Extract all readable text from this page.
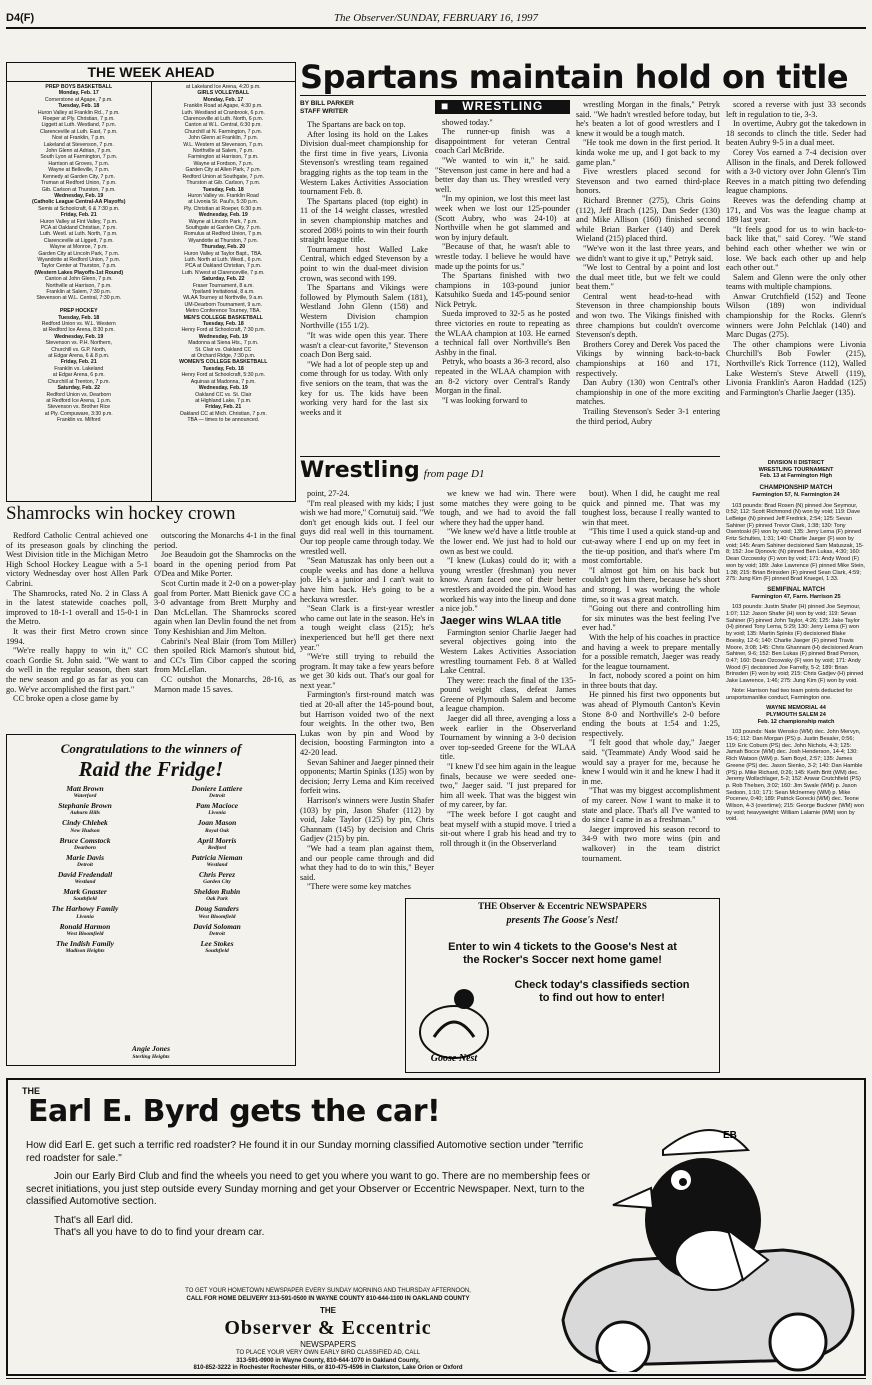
D4(F)	The Observer/SUNDAY, FEBRUARY 16, 1997
THE WEEK AHEAD
PREP BOYS BASKETBALL
Monday, Feb. 17
Cornerstone at Agape, 7 p.m.
Tuesday, Feb. 18
Huron Valley at Franklin Rd., 7 p.m.
Roeper at Ply. Christian, 7 p.m.
Liggett at Luth. Westland, 7 p.m.
Clarenceville at Luth. East, 7 p.m.
Novi at Franklin, 7 p.m.
Lakeland at Stevenson, 7 p.m.
John Glenn at Adrian, 7 p.m.
South Lyon at Farmington, 7 p.m.
Harrison at Groves, 7 p.m.
Wayne at Belleville, 7 p.m.
Kennedy at Garden City, 7 p.m.
Truman at Redford Union, 7 p.m.
Gib. Carlson at Thurston, 7 p.m.
Wednesday, Feb. 19
(Catholic League Central-AA Playoffs)
Semis at Schoolcraft, 6 & 7:30 p.m.
Friday, Feb. 21
Huron Valley at Fint Valley, 7 p.m.
PCA at Oakland Christian, 7 p.m.
Luth. Westl. at Luth. North, 7 p.m.
Clarenceville at Liggett, 7 p.m.
Wayne at Monroe, 7 p.m.
Garden City at Lincoln Park, 7 p.m.
Wyandotte at Redford Union, 7 p.m.
Taylor Center at Thurston, 7 p.m.
(Western Lakes Playoffs-1st Round)
Canton at John Glenn, 7 p.m.
Northville at Harrison, 7 p.m.
Franklin at Salem, 7:30 p.m.
Stevenson at W.L. Central, 7:30 p.m.

PREP HOCKEY
Tuesday, Feb. 18
Redford Union vs. W.L. Western
at Redford Ice Arena, 8:30 p.m.
Wednesday, Feb. 19
Stevenson vs. P.H. Northern,
Churchill vs. G.P. North,
at Edgar Arena, 6 & 8 p.m.
Friday, Feb. 21
Franklin vs. Lakeland
at Edgar Arena, 6 p.m.
Churchill at Trenton, 7 p.m.
Saturday, Feb. 22
Redford Union vs. Dearborn
at Redford Ice Arena, 1 p.m.
Stevenson vs. Brother Rice
at Ply. Compuware, 3:30 p.m.
Franklin vs. Milford
at Lakeland Ice Arena, 4:20 p.m.
GIRLS VOLLEYBALL
Monday, Feb. 17
Franklin Road at Agape, 4:30 p.m.
Luth. Westland at Cranbrook, 6 p.m.
Clarenceville at Luth. North, 6 p.m.
Canton at W.L. Central, 6:30 p.m.
Churchill at N. Farmington, 7 p.m.
John Glenn at Franklin, 7 p.m.
W.L. Western at Stevenson, 7 p.m.
Northville at Salem, 7 p.m.
Farmington at Harrison, 7 p.m.
Wayne at Fordson, 7 p.m.
Garden City at Allen Park, 7 p.m.
Redford Union at Southgate, 7 p.m.
Thurston at Gib. Carlson, 7 p.m.
Tuesday, Feb. 18
Huron Valley vs. Franklin Road
at Livonia St. Paul's, 5:30 p.m.
Ply. Christian at Roeper, 6:30 p.m.
Wednesday, Feb. 19
Wayne at Lincoln Park, 7 p.m.
Southgate at Garden City, 7 p.m.
Romulus at Redford Union, 7 p.m.
Wyandotte at Thurston, 7 p.m.
Thursday, Feb. 20
Huron Valley at Taylor Bapt., TBA.
Luth. North at Luth. Westl., 6 p.m.
PCA at Oakland Christian, 7 p.m.
Luth. N'west at Clarenceville, 7 p.m.
Saturday, Feb. 22
Fraser Tournament, 8 a.m.
Ypsilanti Invitational, 8 a.m.
WLAA Tourney at Northville, 9 a.m.
UM-Dearborn Tournament, 9 a.m.
Metro Conference Tourney, TBA.
MEN'S COLLEGE BASKETBALL
Tuesday, Feb. 18
Henry Ford at Schoolcraft, 7:30 p.m.
Wednesday, Feb. 19
Madonna at Siena Hts., 7 p.m.
St. Clair vs. Oakland CC
at Orchard Ridge, 7:30 p.m.
WOMEN'S COLLEGE BASKETBALL
Tuesday, Feb. 18
Henry Ford at Schoolcraft, 5:30 p.m.
Aquinas at Madonna, 7 p.m.
Wednesday, Feb. 19
Oakland CC vs. St. Clair
at Highland Lake, 7 p.m.
Friday, Feb. 21
Oakland CC at Mich. Christian, 7 p.m.
TBA — times to be announced.
Spartans maintain hold on title

BY BILL PARKER

STAFF WRITER

The Spartans are back on top.

After losing its hold on the Lakes Division dual-meet championship for the first time in five years, Livonia Stevenson's wrestling team regained bragging rights as the top team in the Western Lakes Activities Association tournament Feb. 8.

The Spartans placed (top eight) in 11 of the 14 weight classes, wrestled in seven championship matches and scored 208½ points to win their fourth straight league title.

Tournament host Walled Lake Central, which edged Stevenson by a point to win the dual-meet division crown, was second with 199.

The Spartans and Vikings were followed by Plymouth Salem (181), Westland John Glenn (158) and Western Division champion Northville (155 1/2).

"It was wide open this year. There wasn't a clear-cut favorite," Stevenson coach Don Berg said.

"We had a lot of people step up and come through for us today. With only five seniors on the team, that was the key for us. The kids have been working very hard for the last six weeks and it

■   WRESTLING

showed today."

The runner-up finish was a disappointment for veteran Central coach Carl McBride.

"We wanted to win it," he said. "Stevenson just came in here and had a better day than us. They wrestled very well.

"In my opinion, we lost this meet last week when we lost our 125-pounder (Scott Aubry, who was 24-10) at Northville when he got slammed and won by injury default.

"Because of that, he wasn't able to wrestle today. I believe he would have made up the points for us."

The Spartans finished with two champions in 103-pound junior Katsuhiko Sueda and 145-pound senior Nick Petryk.

Sueda improved to 32-5 as he posted three victories en route to repeating as the WLAA champion at 103. He earned a technical fall over Northville's Ben Ashby in the final.

Petryk, who boasts a 36-3 record, also repeated in the WLAA champion with an 8-2 victory over Central's Randy Morgan in the final.

"I was looking forward to

wrestling Morgan in the finals," Petryk said. "We hadn't wrestled before today, but he's beaten a lot of good wrestlers and I knew it would be a tough match.

"He took me down in the first period. It kinda woke me up, and I got back to my game plan."

Five wrestlers placed second for Stevenson and two earned third-place honors.

Richard Brenner (275), Chris Goins (112), Jeff Brach (125), Dan Seder (130) and Mike Allison (160) finished second while Brian Barker (140) and Derek Wieland (215) placed third.

"We've won it the last three years, and we didn't want to give it up," Petryk said.

"We lost to Central by a point and lost the dual meet title, but we felt we could beat them."

Central went head-to-head with Stevenson in three championship bouts and won two. The Vikings finished with three champions but couldn't overcome Stevenson's depth.

Brothers Corey and Derek Vos paced the Vikings by winning back-to-back championships at 160 and 171, respectively.

Dan Aubry (130) won Central's other championship in one of the more exciting matches.

Trailing Stevenson's Seder 3-1 entering the third period, Aubry

scored a reverse with just 33 seconds left in regulation to tie, 3-3.

In overtime, Aubry got the takedown in 18 seconds to clinch the title. Seder had beaten Aubry 9-5 in a dual meet.

Corey Vos earned a 7-4 decision over Allison in the finals, and Derek followed with a 3-0 victory over John Glenn's Tim Reeves in a match pitting two defending league champions.

Reeves was the defending champ at 171, and Vos was the league champ at 189 last year.

"It feels good for us to win back-to-back like that," said Corey. "We stand behind each other whether we win or lose. We back each other up and help each other out."

Salem and Glenn were the only other teams with multiple champions.

Anwar Crutchfield (152) and Teone Wilson (189) won individual championship for the Rocks. Glenn's winners were John Pelchlak (140) and Marc Dugas (275).

The other champions were Livonia Churchill's Bob Fowler (215), Northville's Rick Torrence (112), Walled Lake Western's Steve Atwell (119), Livonia Franklin's Aaron Haddad (125) and Farmington's Charlie Jaeger (135).

Wrestling from page D1
Shamrocks win hockey crown

Redford Catholic Central achieved one of its preseason goals by clinching the West Division title in the Michigan Metro High School Hockey League with a 5-1 victory Wednesday over host Allen Park Cabrini.

The Shamrocks, rated No. 2 in Class A in the latest statewide coaches poll, improved to 18-1-1 overall and 15-0-1 in the Metro.

It was their first Metro crown since 1994.

"We're really happy to win it," CC coach Gordie St. John said. "We want to do well in the regular season, then start the new season and go as far as you can go. We've accomplished the first part."

CC broke open a close game by

outscoring the Monarchs 4-1 in the final period.

Joe Beaudoin got the Shamrocks on the board in the opening period from Pat O'Dea and Mike Porter.

Scot Curtin made it 2-0 on a power-play goal from Porter. Matt Bienick gave CC a 3-0 advantage from Brett Murphy and Dan McLellan. The Shamrocks scored again when Ian Devlin found the net from Tony Keshishian and Jim Melton.

Cabrini's Neal Blair (from Tom Miller) then spoiled Rick Marnon's shutout bid, and CC's Tim Cibor capped the scoring from McLellan.

CC outshot the Monarchs, 28-16, as Marnon made 15 saves.

point, 27-24.

"I'm real pleased with my kids; I just wish we had more," Cornutuij said. "We don't get enough kids out. I feel our guys did real well in this tournament. Our top people came through today. We wrestled well.

"Sean Matuszak has only been out a couple weeks and has done a helluva job. He's a junior and I can't wait to have him back. He's going to be a heckuva wrestler.

"Sean Clark is a first-year wrestler who came out late in the season. He's in a tough weight class (215); he's inexperienced but he'll get there next year."

"We're still trying to rebuild the program. It may take a few years before we get 30 kids out. That's our goal for next year."

Farmington's first-round match was tied at 20-all after the 145-pound bout, but Harrison voided two of the next four weights. In the other two, Ben Lukas won by pin and Wood by decision, boosting Farmington into a 42-20 lead.

Sevan Sahiner and Jaeger pinned their opponents; Martin Spinks (135) won by decision; Jerry Lema and Kim received forfeit wins.

Harrison's winners were Justin Shafer (103) by pin, Jason Shafer (112) by void, Jake Taylor (125) by pin, Chris Ghannam (145) by decision and Chris Gadjev (215) by pin.

"We had a team plan against them, and our people came through and did what they had to do to win this," Beyer said.

"There were some key matches

we knew we had win. There were some matches they were going to be tough, and we had to avoid the fall where they had the upper hand.

"We knew we'd have a little trouble at the lower end. We just had to hold our own as best we could.

"I knew (Lukas) could do it; with a young wrestler (freshman) you never know. Aram faced one of their better wrestlers and avoided the pin. Wood has worked his way into the lineup and done a nice job."

Jaeger wins WLAA title

Farmington senior Charlie Jaeger had several objectives going into the Western Lakes Activities Association wrestling tournament Feb. 8 at Walled Lake Central.

They were: reach the final of the 135-pound weight class, defeat James Greene of Plymouth Salem and become a league champion.

Jaeger did all three, avenging a loss a week earlier in the Observerland Tournament by winning a 3-0 decision over top-seeded Greene for the WLAA title.

"I knew I'd see him again in the league finals, because we were seeded one-two," Jaeger said. "I just prepared for him all week. That was the biggest win of my career, by far.

"The week before I got caught and beat myself with a stupid move. I tried a sit-out where I grab his head and try to roll through it (in the Observerland

bout). When I did, he caught me real quick and pinned me. That was my toughest loss, because I really wanted to win that meet.

"This time I used a quick stand-up and cut-away where I end up on my feet in the tie-up position, and that's where I'm most comfortable.

"I almost got him on his back but couldn't get him there, because he's short and strong. I was working the whole time, so it was a great match.

"Going out there and controlling him for six minutes was the best feeling I've ever had."

With the help of his coaches in practice and having a week to prepare mentally for a possible rematch, Jaeger was ready for the league tournament.

In fact, nobody scored a point on him in three bouts that day.

He pinned his first two opponents but was ahead of Plymouth Canton's Kevin Stone 8-0 and Northville's 2-0 before ending the bouts at 1:54 and 1:25, respectively.

"I felt good that whole day," Jaeger said. "(Teammate) Andy Wood said he would say a prayer for me, because he knew I would win it and he knew I had it in me.

"That was my biggest accomplishment of my career. Now I want to make it to state and place. That's all I've wanted to do since I came in as a freshman."

Jaeger improved his season record to 34-9 with two more wins (pin and walkover) in the team district tournament.

DIVISION II DISTRICT
WRESTLING TOURNAMENT
Feb. 13 at Farmington High
CHAMPIONSHIP MATCH
Farmington 57, N. Farmington 24

103 pounds: Brad Rosen (N) pinned Joe Seymour, 0:52; 112: Scott Richmond (N) won by void; 119: Dave LeBeige (N) pinned Jeff Fredrick, 2:54; 125: Sevan Sahiner (F) pinned Trevor Clark, 1:38; 130: Tony Osentoski (F) won by void; 135: Jerry Lema (F) pinned Fritz Schultes, 1:31; 140: Charlie Jaeger (F) won by void; 145: Aram Sahiner decisioned Sam Matuszak, 15-8; 152: Joe Djonovic (N) pinned Ben Lukas, 4:30; 160: Dean Ozcowsky (F) won by void; 171: Andy Wood (F) won by void; 189: Jake Lawrence (F) pinned Mike Stein, 1:38; 215: Brian Brinsden (F) pinned Sean Clark, 4:59; 275: Jung Kim (F) pinned Brad Kruegel, 1:33.

SEMIFINAL MATCH
Farmington 47, Farm. Harrison 25

103 pounds: Justin Shafer (H) pinned Joe Seymour, 1:07; 112: Jason Shafer (H) won by void; 119: Sevan Sahiner (F) pinned John Taylor, 4:26; 125: Jake Taylor (H) pinned Tony Lema, 5:29; 130: Jerry Lema (F) won by void; 135: Martin Spinks (F) decisioned Blake Boesky, 12-6; 140: Charlie Jaeger (F) pinned Travis Moore, 3:08; 145: Chris Ghannam (H) decisioned Aram Sahiner, 9-6; 152: Ben Lukas (F) pinned Brad Person, 0:47; 160: Dean Ozcowsky (F) won by void; 171: Andy Wood (F) decisioned Joe Farrelly, 5-2; 189: Brian Brinsden (F) won by void; 215: Chris Gadjev (H) pinned Jake Lawrence, 1:46; 275: Jung Kim (F) won by void.

Note: Harrison had two team points deducted for unsportsmanlike conduct, Farmington one.

WAYNE MEMORIAL 44
PLYMOUTH SALEM 24
Feb. 12 championship match

103 pounds: Nate Wensko (WM) dec. John Mervyn, 15-6; 112: Dan Morgan (PS) p. Justin Besaler, 0:56; 119: Eric Coburn (PS) dec. John Nichols, 4-3; 125: Jamah Bocce (WM) dec. Josh Henderson, 14-4; 130: Rich Watson (WM) p. Sam Boyd, 2:57; 135: James Greene (PS) dec. Jason Sienko, 3-2; 140: Dan Hamble (PS) p. Mike Richard, 0:26; 145: Keith Britt (WM) dec. Jeremy Wollschlager, 5-2; 152: Anwar Crutchfield (PS) p. Rob Thelsen, 3:02; 160: Jim Swale (WM) p. Jason Sedoon, 1:10; 171: Sean McInerney (WM) p. Mike Pocenev, 0:40; 189: Patrick Gorecki (WM) dec. Teone Wilson, 4-3 (overtime); 215: George Buckner (WM) won by void; heavyweight: William Lalamie (WM) won by void.

Congratulations to the winners of
Raid the Fridge!
Matt Brown
Waterford
Stephanie Brown
Auburn Hills
Cindy Chlebek
New Hudson
Bruce Comstock
Dearborn
Marie Davis
Detroit
David Fredendall
Westland
Mark Gnaster
Southfield
The Harhowy Family
Livonia
Ronald Harmon
West Bloomfield
The Indish Family
Madison Heights
Doniere Lattiere
Detroit
Pam Macioce
Livonia
Joan Mason
Royal Oak
April Morris
Redford
Patricia Nieman
Westland
Chris Perez
Garden City
Sheldon Rubin
Oak Park
Doug Sanders
West Bloomfield
David Soloman
Detroit
Lee Stokes
Southfield
Angie Jones
Sterling Heights
THE Observer & Eccentric NEWSPAPERS
presents The Goose's Nest!
Enter to win 4 tickets to the Goose's Nest at
the Rocker's Soccer next home game!
Check today's classifieds section
to find out how to enter!
Goose Nest
THE
Earl E. Byrd gets the car!

How did Earl E. get such a terrific red roadster? He found it in our Sunday morning classified Automotive section under "terrific red roadster for sale."

Join our Early Bird Club and find the wheels you need to get you where you want to go. There are no membership fees or secret initiations, you just step outside every Sunday morning and get your Observer or Eccentric Newspaper. Next, turn to the classified Automotive section.

That's all Earl did.

That's all you have to do to find your dream car.

TO GET YOUR HOMETOWN NEWSPAPER EVERY SUNDAY MORNING AND THURSDAY AFTERNOON,
CALL FOR HOME DELIVERY 313-591-0500 IN WAYNE COUNTY 810-644-1100 IN OAKLAND COUNTY
THE
Observer & Eccentric
NEWSPAPERS
TO PLACE YOUR VERY OWN EARLY BIRD CLASSIFIED AD, CALL
313-591-0900 in Wayne County, 810-644-1070 in Oakland County,
810-852-3222 in Rochester Rochester Hills, or 810-475-4596 in Clarkston, Lake Orion or Oxford
EB
